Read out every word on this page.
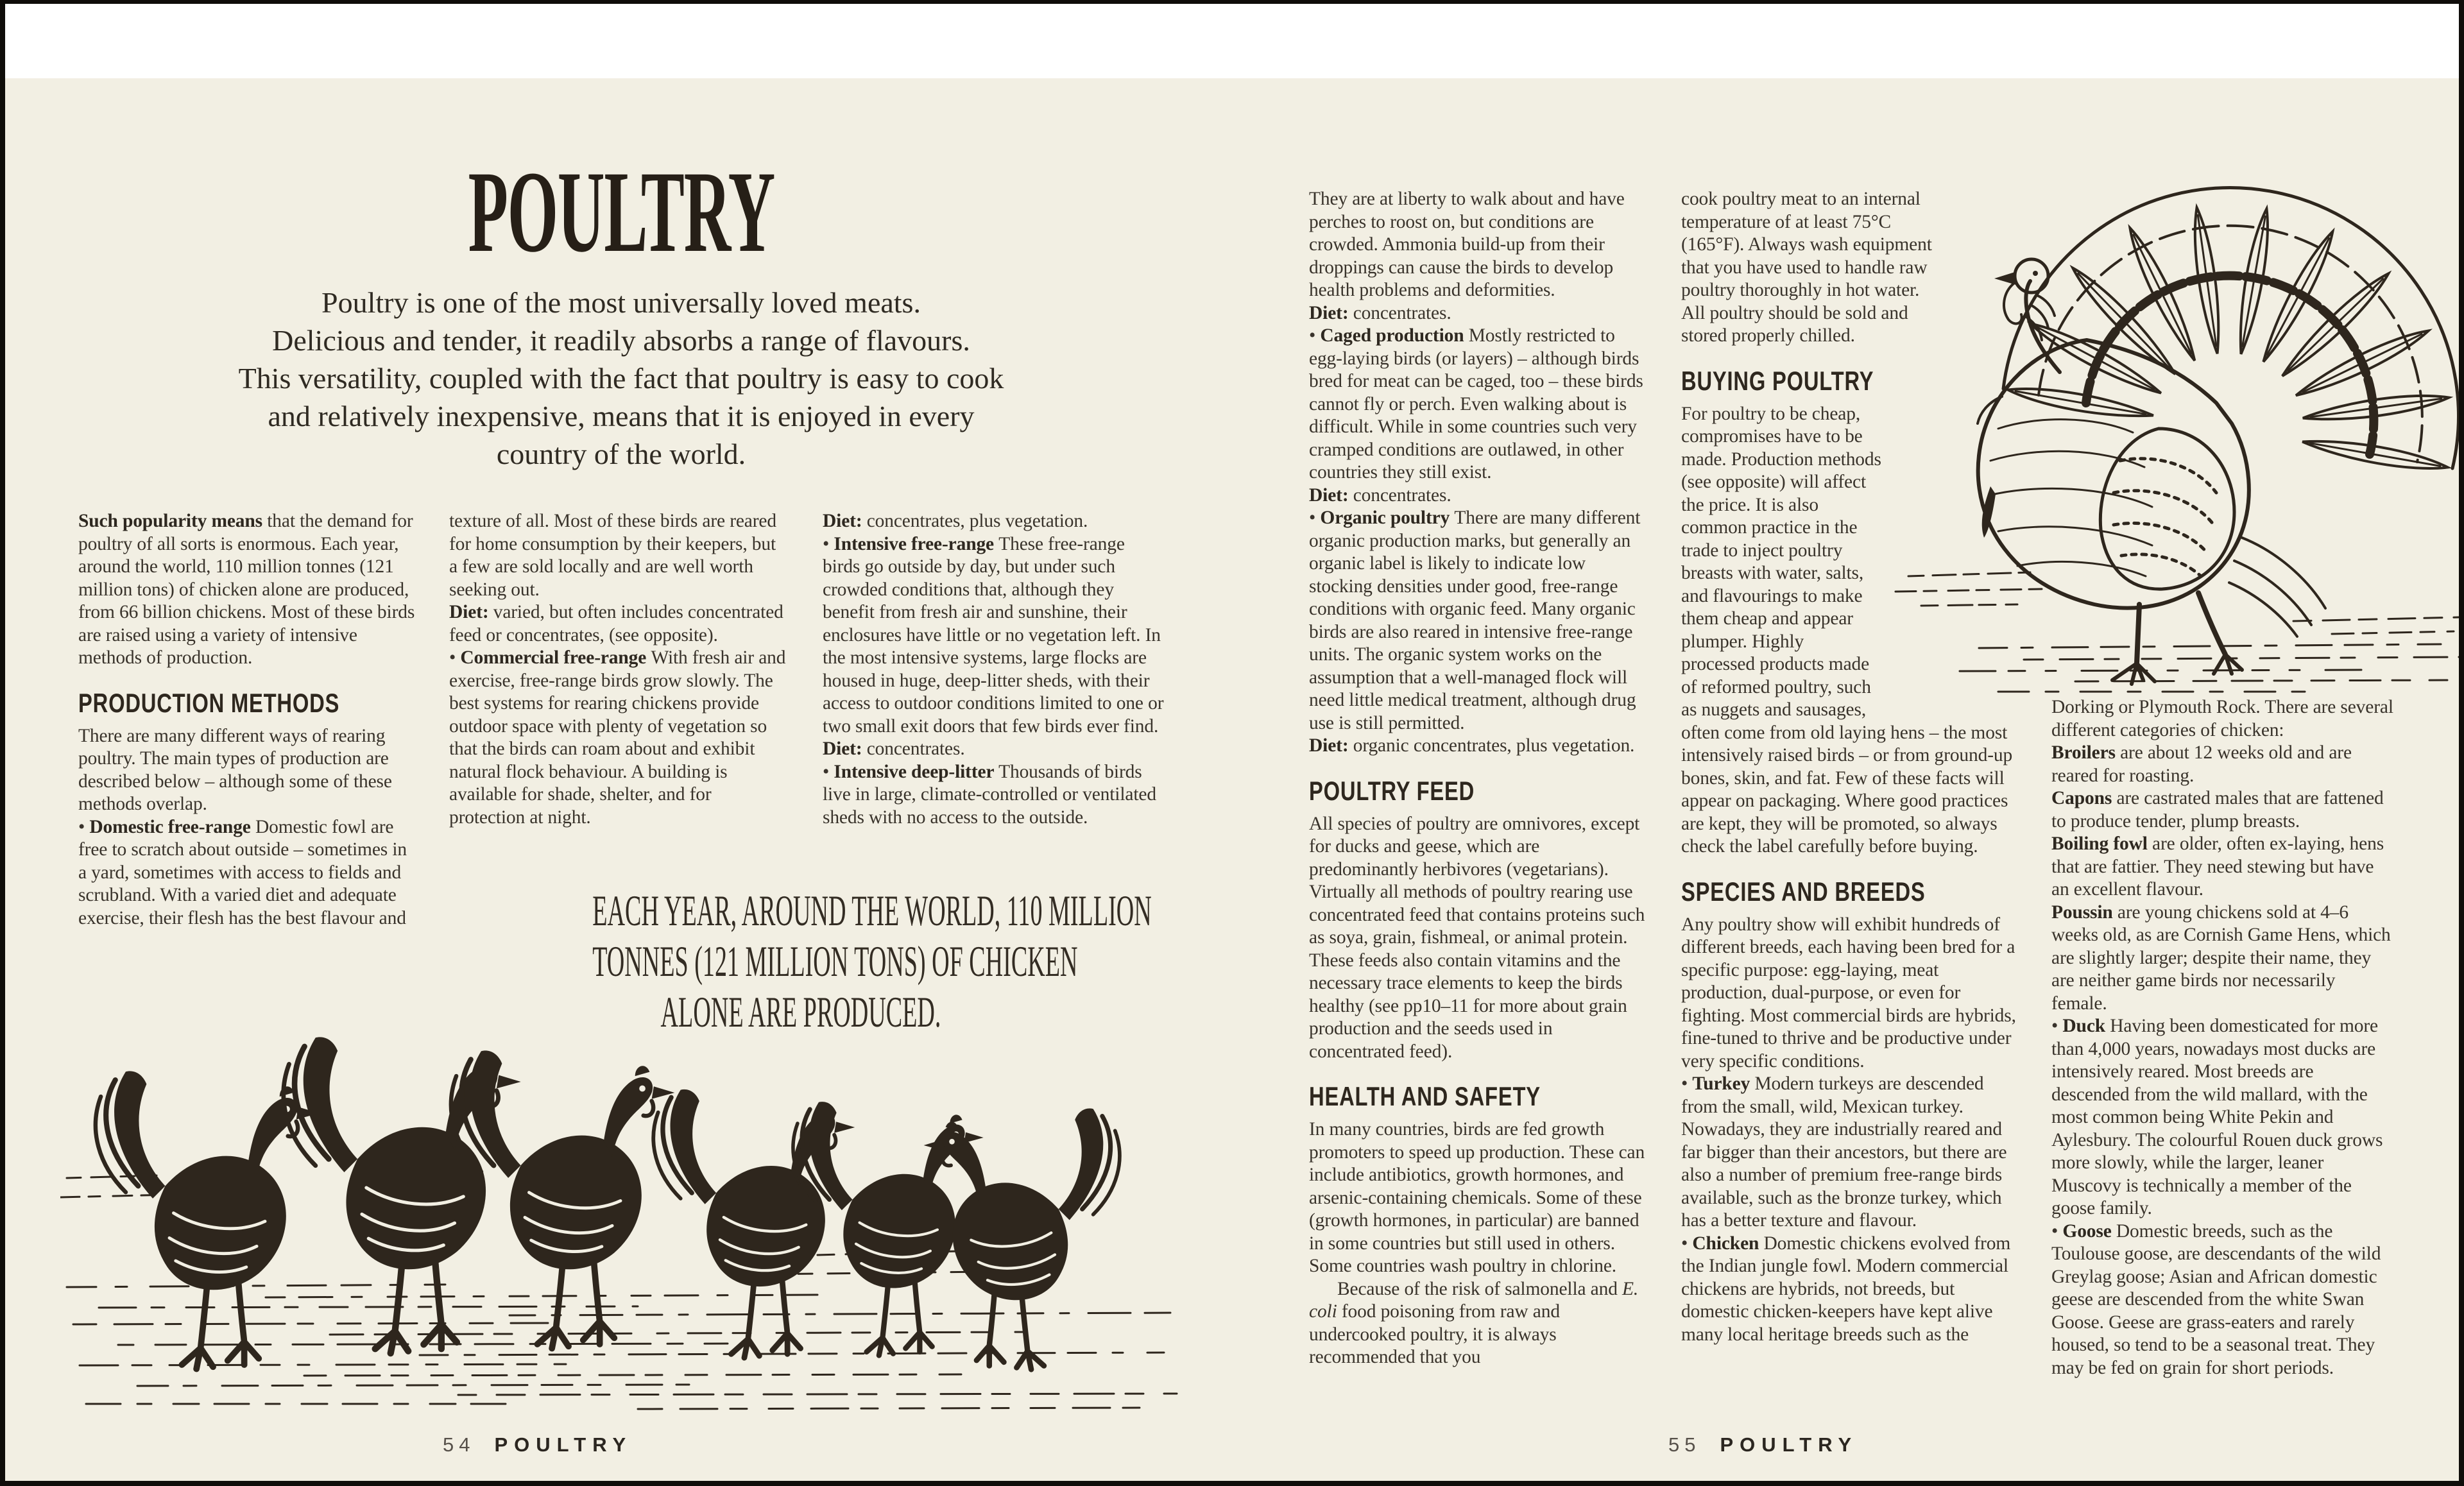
POULTRY
Poultry is one of the most universally loved meats.
Delicious and tender, it readily absorbs a range of flavours.
This versatility, coupled with the fact that poultry is easy to cook
and relatively inexpensive, means that it is enjoyed in every
country of the world.

Such popularity means that the demand for poultry of all sorts is enormous. Each year, around the world, 110 million tonnes (121 million tons) of chicken alone are produced, from 66 billion chickens. Most of these birds are raised using a variety of intensive methods of production.

PRODUCTION METHODS

There are many different ways of rearing poultry. The main types of production are described below – although some of these methods overlap.

• Domestic free-range Domestic fowl are free to scratch about outside – sometimes in a yard, sometimes with access to fields and scrubland. With a varied diet and adequate exercise, their flesh has the best flavour and

texture of all. Most of these birds are reared for home consumption by their keepers, but a few are sold locally and are well worth seeking out.

Diet: varied, but often includes concentrated feed or concentrates, (see opposite).

• Commercial free-range With fresh air and exercise, free-range birds grow slowly. The best systems for rearing chickens provide outdoor space with plenty of vegetation so that the birds can roam about and exhibit natural flock behaviour. A building is available for shade, shelter, and for protection at night.

Diet: concentrates, plus vegetation.

• Intensive free-range These free-range birds go outside by day, but under such crowded conditions that, although they benefit from fresh air and sunshine, their enclosures have little or no vegetation left. In the most intensive systems, large flocks are housed in huge, deep-litter sheds, with their access to outdoor conditions limited to one or two small exit doors that few birds ever find.

Diet: concentrates.

• Intensive deep-litter Thousands of birds live in large, climate-controlled or ventilated sheds with no access to the outside.

EACH YEAR, AROUND THE WORLD, 110 MILLION
TONNES (121 MILLION TONS) OF CHICKEN
ALONE ARE PRODUCED.

They are at liberty to walk about and have perches to roost on, but conditions are crowded. Ammonia build-up from their droppings can cause the birds to develop health problems and deformities.

Diet: concentrates.

• Caged production Mostly restricted to egg-laying birds (or layers) – although birds bred for meat can be caged, too – these birds cannot fly or perch. Even walking about is difficult. While in some countries such very cramped conditions are outlawed, in other countries they still exist.

Diet: concentrates.

• Organic poultry There are many different organic production marks, but generally an organic label is likely to indicate low stocking densities under good, free-range conditions with organic feed. Many organic birds are also reared in intensive free-range units. The organic system works on the assumption that a well-managed flock will need little medical treatment, although drug use is still permitted.

Diet: organic concentrates, plus vegetation.

POULTRY FEED

All species of poultry are omnivores, except for ducks and geese, which are predominantly herbivores (vegetarians). Virtually all methods of poultry rearing use concentrated feed that contains proteins such as soya, grain, fishmeal, or animal protein. These feeds also contain vitamins and the necessary trace elements to keep the birds healthy (see pp10–11 for more about grain production and the seeds used in concentrated feed).

HEALTH AND SAFETY

In many countries, birds are fed growth promoters to speed up production. These can include antibiotics, growth hormones, and arsenic-containing chemicals. Some of these (growth hormones, in particular) are banned in some countries but still used in others. Some countries wash poultry in chlorine.

Because of the risk of salmonella and E. coli food poisoning from raw and undercooked poultry, it is always recommended that you

cook poultry meat to an internal temperature of at least 75°C (165°F). Always wash equipment that you have used to handle raw poultry thoroughly in hot water. All poultry should be sold and stored properly chilled.

BUYING POULTRY

For poultry to be cheap, compromises have to be made. Production methods (see opposite) will affect the price. It is also common practice in the trade to inject poultry breasts with water, salts, and flavourings to make them cheap and appear plumper. Highly processed products made of reformed poultry, such as nuggets and sausages, often come from old laying hens – the most intensively raised birds – or from ground-up bones, skin, and fat. Few of these facts will appear on packaging. Where good practices are kept, they will be promoted, so always check the label carefully before buying.

SPECIES AND BREEDS

Any poultry show will exhibit hundreds of different breeds, each having been bred for a specific purpose: egg-laying, meat production, dual-purpose, or even for fighting. Most commercial birds are hybrids, fine-tuned to thrive and be productive under very specific conditions.

• Turkey Modern turkeys are descended from the small, wild, Mexican turkey. Nowadays, they are industrially reared and far bigger than their ancestors, but there are also a number of premium free-range birds available, such as the bronze turkey, which has a better texture and flavour.

• Chicken Domestic chickens evolved from the Indian jungle fowl. Modern commercial chickens are hybrids, not breeds, but domestic chicken-keepers have kept alive many local heritage breeds such as the

Dorking or Plymouth Rock. There are several different categories of chicken:

Broilers are about 12 weeks old and are reared for roasting.

Capons are castrated males that are fattened to produce tender, plump breasts.

Boiling fowl are older, often ex-laying, hens that are fattier. They need stewing but have an excellent flavour.

Poussin are young chickens sold at 4–6 weeks old, as are Cornish Game Hens, which are slightly larger; despite their name, they are neither game birds nor necessarily female.

• Duck Having been domesticated for more than 4,000 years, nowadays most ducks are intensively reared. Most breeds are descended from the wild mallard, with the most common being White Pekin and Aylesbury. The colourful Rouen duck grows more slowly, while the larger, leaner Muscovy is technically a member of the goose family.

• Goose Domestic breeds, such as the Toulouse goose, are descendants of the wild Greylag goose; Asian and African domestic geese are descended from the white Swan Goose. Geese are grass-eaters and rarely housed, so tend to be a seasonal treat. They may be fed on grain for short periods.

54 POULTRY	55 POULTRY
